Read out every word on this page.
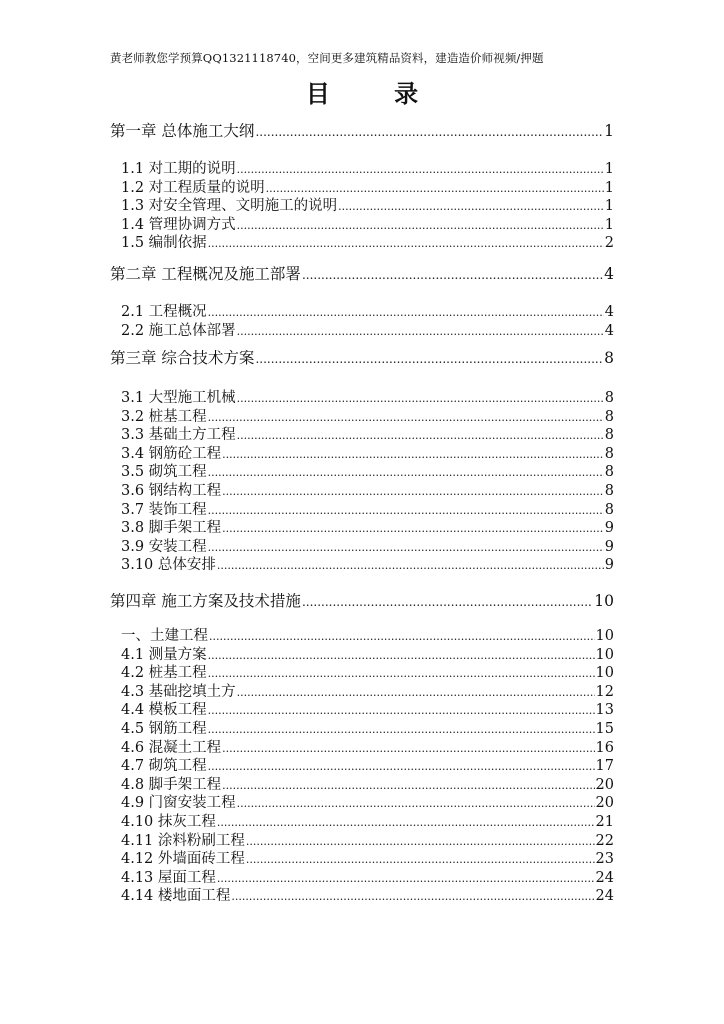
黄老师教您学预算QQ1321118740，空间更多建筑精品资料，建造造价师视频/押题
目 录
第一章 总体施工大纲 .....	1
1.1 对工期的说明 .....	1
1.2 对工程质量的说明 .....	1
1.3 对安全管理、文明施工的说明 .....	1
1.4 管理协调方式 .....	1
1.5 编制依据 .....	2
第二章 工程概况及施工部署 .....	4
2.1 工程概况 .....	4
2.2 施工总体部署 .....	4
第三章 综合技术方案 .....	8
3.1 大型施工机械 .....	8
3.2 桩基工程 .....	8
3.3 基础土方工程 .....	8
3.4 钢筋砼工程 .....	8
3.5 砌筑工程 .....	8
3.6 钢结构工程 .....	8
3.7 装饰工程 .....	8
3.8 脚手架工程 .....	9
3.9 安装工程 .....	9
3.10 总体安排 .....	9
第四章 施工方案及技术措施 .....	10
一、土建工程 .....	10
4.1 测量方案 .....	10
4.2 桩基工程 .....	10
4.3 基础挖填土方 .....	12
4.4 模板工程 .....	13
4.5 钢筋工程 .....	15
4.6 混凝土工程 .....	16
4.7 砌筑工程 .....	17
4.8 脚手架工程 .....	20
4.9 门窗安装工程 .....	20
4.10 抹灰工程 .....	21
4.11 涂料粉刷工程 .....	22
4.12 外墙面砖工程 .....	23
4.13 屋面工程 .....	24
4.14 楼地面工程 .....	24
